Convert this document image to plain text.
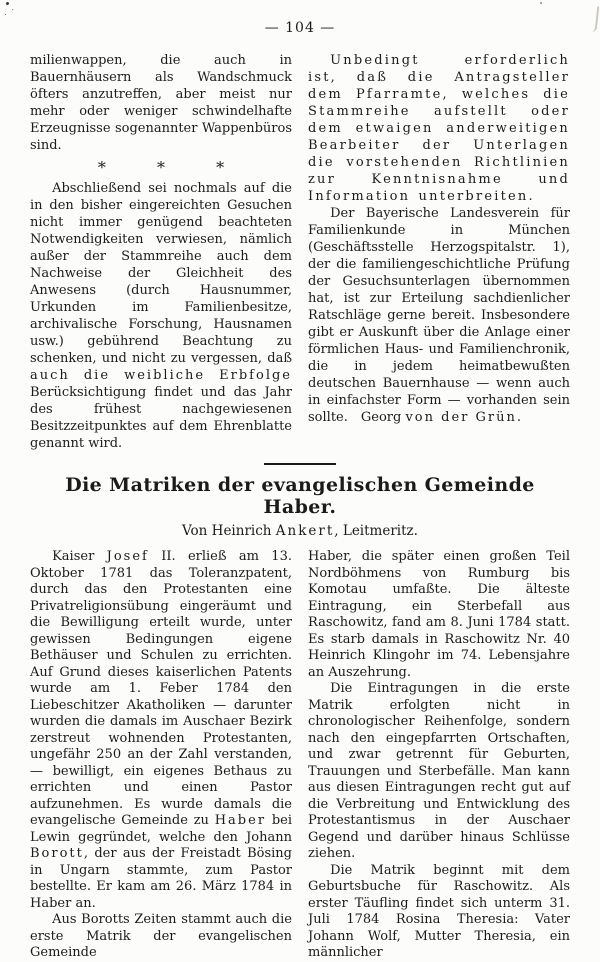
— 104 —

milienwappen, die auch in Bauernhäusern als Wandschmuck öfters anzutreffen, aber meist nur mehr oder weniger schwindelhafte Erzeugnisse sogenannter Wappenbüros sind.

* * *

Abschließend sei nochmals auf die in den bisher eingereichten Gesuchen nicht immer genügend beachteten Notwendigkeiten verwiesen, nämlich außer der Stammreihe auch dem Nachweise der Gleichheit des Anwesens (durch Hausnummer, Urkunden im Familienbesitze, archivalische Forschung, Hausnamen usw.) gebührend Beachtung zu schenken, und nicht zu vergessen, daß auch die weibliche Erbfolge Berücksichtigung findet und das Jahr des frühest nachgewiesenen Besitzzeitpunktes auf dem Ehrenblatte genannt wird.

Unbedingt erforderlich ist, daß die Antragsteller dem Pfarramte, welches die Stammreihe aufstellt oder dem etwaigen anderweitigen Bearbeiter der Unterlagen die vorstehenden Richtlinien zur Kenntnisnahme und Information unterbreiten.

Der Bayerische Landesverein für Familienkunde in München (Geschäftsstelle Herzogspitalstr. 1), der die familiengeschichtliche Prüfung der Gesuchsunterlagen übernommen hat, ist zur Erteilung sachdienlicher Ratschläge gerne bereit. Insbesondere gibt er Auskunft über die Anlage einer förmlichen Haus- und Familienchronik, die in jedem heimatbewußten deutschen Bauernhause — wenn auch in einfachster Form — vorhanden sein sollte. Georg von der Grün.

Die Matriken der evangelischen Gemeinde Haber.
Von Heinrich Ankert, Leitmeritz.

Kaiser Josef II. erließ am 13. Oktober 1781 das Toleranzpatent, durch das den Protestanten eine Privatreligionsübung eingeräumt und die Bewilligung erteilt wurde, unter gewissen Bedingungen eigene Bethäuser und Schulen zu errichten. Auf Grund dieses kaiserlichen Patents wurde am 1. Feber 1784 den Liebeschitzer Akatholiken — darunter wurden die damals im Auschaer Bezirk zerstreut wohnenden Protestanten, ungefähr 250 an der Zahl verstanden, — bewilligt, ein eigenes Bethaus zu errichten und einen Pastor aufzunehmen. Es wurde damals die evangelische Gemeinde zu Haber bei Lewin gegründet, welche den Johann Borott, der aus der Freistadt Bösing in Ungarn stammte, zum Pastor bestellte. Er kam am 26. März 1784 in Haber an.

Aus Borotts Zeiten stammt auch die erste Matrik der evangelischen Gemeinde

Haber, die später einen großen Teil Nordböhmens von Rumburg bis Komotau umfaßte. Die älteste Eintragung, ein Sterbefall aus Raschowitz, fand am 8. Juni 1784 statt. Es starb damals in Raschowitz Nr. 40 Heinrich Klingohr im 74. Lebensjahre an Auszehrung.

Die Eintragungen in die erste Matrik erfolgten nicht in chronologischer Reihenfolge, sondern nach den eingepfarrten Ortschaften, und zwar getrennt für Geburten, Trauungen und Sterbefälle. Man kann aus diesen Eintragungen recht gut auf die Verbreitung und Entwicklung des Protestantismus in der Auschaer Gegend und darüber hinaus Schlüsse ziehen.

Die Matrik beginnt mit dem Geburtsbuche für Raschowitz. Als erster Täufling findet sich unterm 31. Juli 1784 Rosina Theresia: Vater Johann Wolf, Mutter Theresia, ein männlicher
